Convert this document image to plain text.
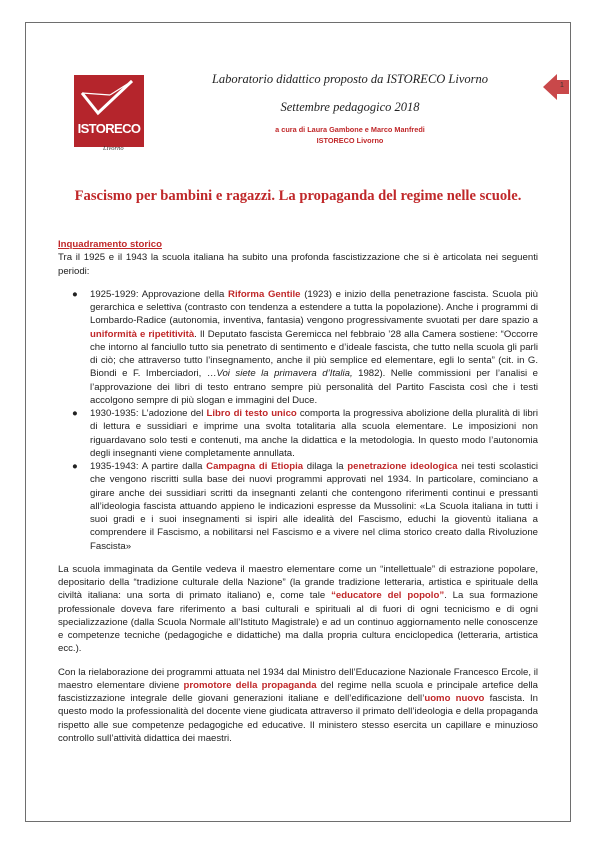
ISTORECO
Livorno
Laboratorio didattico proposto da ISTORECO Livorno
Settembre pedagogico 2018
a cura di Laura Gambone e Marco Manfredi
ISTORECO Livorno
1
Fascismo per bambini e ragazzi. La propaganda del regime nelle scuole.
Inquadramento storico

Tra il 1925 e il 1943 la scuola italiana ha subito una profonda fascistizzazione che si è articolata nei seguenti periodi:

● 1925-1929: Approvazione della Riforma Gentile (1923) e inizio della penetrazione fascista. Scuola più gerarchica e selettiva (contrasto con tendenza a estendere a tutta la popolazione). Anche i programmi di Lombardo-Radice (autonomia, inventiva, fantasia) vengono progressivamente svuotati per dare spazio a uniformità e ripetitività. Il Deputato fascista Geremicca nel febbraio ’28 alla Camera sostiene: “Occorre che intorno al fanciullo tutto sia penetrato di sentimento e d’ideale fascista, che tutto nella scuola gli parli di ciò; che attraverso tutto l’insegnamento, anche il più semplice ed elementare, egli lo senta” (cit. in G. Biondi e F. Imberciadori, …Voi siete la primavera d’Italia, 1982). Nelle commissioni per l’analisi e l’approvazione dei libri di testo entrano sempre più personalità del Partito Fascista così che i testi accolgono sempre di più slogan e immagini del Duce.
● 1930-1935: L’adozione del Libro di testo unico comporta la progressiva abolizione della pluralità di libri di lettura e sussidiari e imprime una svolta totalitaria alla scuola elementare. Le imposizioni non riguardavano solo testi e contenuti, ma anche la didattica e la metodologia. In questo modo l’autonomia degli insegnanti viene completamente annullata.
● 1935-1943: A partire dalla Campagna di Etiopia dilaga la penetrazione ideologica nei testi scolastici che vengono riscritti sulla base dei nuovi programmi approvati nel 1934. In particolare, cominciano a girare anche dei sussidiari scritti da insegnanti zelanti che contengono riferimenti continui e pressanti all’ideologia fascista attuando appieno le indicazioni espresse da Mussolini: «La Scuola italiana in tutti i suoi gradi e i suoi insegnamenti si ispiri alle idealità del Fascismo, educhi la gioventù italiana a comprendere il Fascismo, a nobilitarsi nel Fascismo e a vivere nel clima storico creato dalla Rivoluzione Fascista»

La scuola immaginata da Gentile vedeva il maestro elementare come un “intellettuale” di estrazione popolare, depositario della “tradizione culturale della Nazione” (la grande tradizione letteraria, artistica e spirituale della civiltà italiana: una sorta di primato italiano) e, come tale “educatore del popolo”. La sua formazione professionale doveva fare riferimento a basi culturali e spirituali al di fuori di ogni tecnicismo e di ogni specializzazione (dalla Scuola Normale all’Istituto Magistrale) e ad un continuo aggiornamento nelle conoscenze e competenze tecniche (pedagogiche e didattiche) ma dalla propria cultura enciclopedica (letteraria, artistica ecc.).

Con la rielaborazione dei programmi attuata nel 1934 dal Ministro dell’Educazione Nazionale Francesco Ercole, il maestro elementare diviene promotore della propaganda del regime nella scuola e principale artefice della fascistizzazione integrale delle giovani generazioni italiane e dell’edificazione dell’uomo nuovo fascista. In questo modo la professionalità del docente viene giudicata attraverso il primato dell’ideologia e della propaganda rispetto alle sue competenze pedagogiche ed educative. Il ministero stesso esercita un capillare e minuzioso controllo sull’attività didattica dei maestri.
